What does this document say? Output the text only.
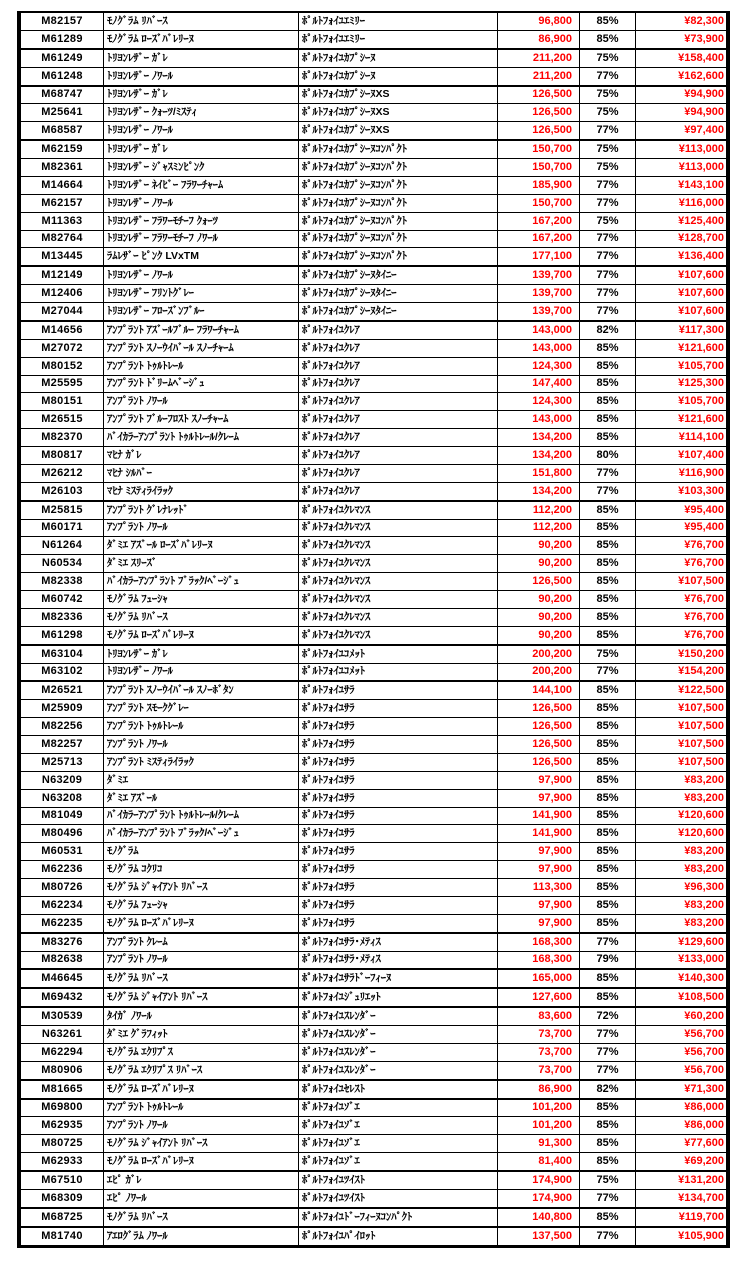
M82157	ﾓﾉｸﾞﾗﾑ ﾘﾊﾞｰｽ	ﾎﾟﾙﾄﾌｫｲﾕｴﾐﾘｰ	96,800	85%	¥82,300
M61289	ﾓﾉｸﾞﾗﾑ ﾛｰｽﾞﾊﾞﾚﾘｰﾇ	ﾎﾟﾙﾄﾌｫｲﾕｴﾐﾘｰ	86,900	85%	¥73,900
M61249	ﾄﾘﾖﾝﾚｻﾞｰ ｶﾞﾚ	ﾎﾟﾙﾄﾌｫｲﾕｶﾌﾟｼｰﾇ	211,200	75%	¥158,400
M61248	ﾄﾘﾖﾝﾚｻﾞｰ ﾉﾜｰﾙ	ﾎﾟﾙﾄﾌｫｲﾕｶﾌﾟｼｰﾇ	211,200	77%	¥162,600
M68747	ﾄﾘﾖﾝﾚｻﾞｰ ｶﾞﾚ	ﾎﾟﾙﾄﾌｫｲﾕｶﾌﾟｼｰﾇXS	126,500	75%	¥94,900
M25641	ﾄﾘﾖﾝﾚｻﾞｰ ｸｫｰﾂ/ﾐｽﾃｨ	ﾎﾟﾙﾄﾌｫｲﾕｶﾌﾟｼｰﾇXS	126,500	75%	¥94,900
M68587	ﾄﾘﾖﾝﾚｻﾞｰ ﾉﾜｰﾙ	ﾎﾟﾙﾄﾌｫｲﾕｶﾌﾟｼｰﾇXS	126,500	77%	¥97,400
M62159	ﾄﾘﾖﾝﾚｻﾞｰ ｶﾞﾚ	ﾎﾟﾙﾄﾌｫｲﾕｶﾌﾟｼｰﾇｺﾝﾊﾟｸﾄ	150,700	75%	¥113,000
M82361	ﾄﾘﾖﾝﾚｻﾞｰ ｼﾞｬｽﾐﾝﾋﾟﾝｸ	ﾎﾟﾙﾄﾌｫｲﾕｶﾌﾟｼｰﾇｺﾝﾊﾟｸﾄ	150,700	75%	¥113,000
M14664	ﾄﾘﾖﾝﾚｻﾞｰ ﾈｲﾋﾞｰ ﾌﾗﾜｰﾁｬｰﾑ	ﾎﾟﾙﾄﾌｫｲﾕｶﾌﾟｼｰﾇｺﾝﾊﾟｸﾄ	185,900	77%	¥143,100
M62157	ﾄﾘﾖﾝﾚｻﾞｰ ﾉﾜｰﾙ	ﾎﾟﾙﾄﾌｫｲﾕｶﾌﾟｼｰﾇｺﾝﾊﾟｸﾄ	150,700	77%	¥116,000
M11363	ﾄﾘﾖﾝﾚｻﾞｰ ﾌﾗﾜｰﾓﾁｰﾌ ｸｫｰﾂ	ﾎﾟﾙﾄﾌｫｲﾕｶﾌﾟｼｰﾇｺﾝﾊﾟｸﾄ	167,200	75%	¥125,400
M82764	ﾄﾘﾖﾝﾚｻﾞｰ ﾌﾗﾜｰﾓﾁｰﾌ ﾉﾜｰﾙ	ﾎﾟﾙﾄﾌｫｲﾕｶﾌﾟｼｰﾇｺﾝﾊﾟｸﾄ	167,200	77%	¥128,700
M13445	ﾗﾑﾚｻﾞｰ ﾋﾟﾝｸ LVxTM	ﾎﾟﾙﾄﾌｫｲﾕｶﾌﾟｼｰﾇｺﾝﾊﾟｸﾄ	177,100	77%	¥136,400
M12149	ﾄﾘﾖﾝﾚｻﾞｰ ﾉﾜｰﾙ	ﾎﾟﾙﾄﾌｫｲﾕｶﾌﾟｼｰﾇﾀｲﾆｰ	139,700	77%	¥107,600
M12406	ﾄﾘﾖﾝﾚｻﾞｰ ﾌﾘﾝﾄｸﾞﾚｰ	ﾎﾟﾙﾄﾌｫｲﾕｶﾌﾟｼｰﾇﾀｲﾆｰ	139,700	77%	¥107,600
M27044	ﾄﾘﾖﾝﾚｻﾞｰ ﾌﾛｰｽﾞﾝﾌﾞﾙｰ	ﾎﾟﾙﾄﾌｫｲﾕｶﾌﾟｼｰﾇﾀｲﾆｰ	139,700	77%	¥107,600
M14656	ｱﾝﾌﾟﾗﾝﾄ ｱｽﾞｰﾙﾌﾞﾙｰ ﾌﾗﾜｰﾁｬｰﾑ	ﾎﾟﾙﾄﾌｫｲﾕｸﾚｱ	143,000	82%	¥117,300
M27072	ｱﾝﾌﾟﾗﾝﾄ ｽﾉｰｳｲﾊﾞｰﾙ ｽﾉｰﾁｬｰﾑ	ﾎﾟﾙﾄﾌｫｲﾕｸﾚｱ	143,000	85%	¥121,600
M80152	ｱﾝﾌﾟﾗﾝﾄ ﾄｩﾙﾄﾚｰﾙ	ﾎﾟﾙﾄﾌｫｲﾕｸﾚｱ	124,300	85%	¥105,700
M25595	ｱﾝﾌﾟﾗﾝﾄ ﾄﾞﾘｰﾑﾍﾞｰｼﾞｭ	ﾎﾟﾙﾄﾌｫｲﾕｸﾚｱ	147,400	85%	¥125,300
M80151	ｱﾝﾌﾟﾗﾝﾄ ﾉﾜｰﾙ	ﾎﾟﾙﾄﾌｫｲﾕｸﾚｱ	124,300	85%	¥105,700
M26515	ｱﾝﾌﾟﾗﾝﾄ ﾌﾞﾙｰﾌﾛｽﾄ ｽﾉｰﾁｬｰﾑ	ﾎﾟﾙﾄﾌｫｲﾕｸﾚｱ	143,000	85%	¥121,600
M82370	ﾊﾞｲｶﾗｰｱﾝﾌﾟﾗﾝﾄ ﾄｩﾙﾄﾚｰﾙ/ｸﾚｰﾑ	ﾎﾟﾙﾄﾌｫｲﾕｸﾚｱ	134,200	85%	¥114,100
M80817	ﾏﾋﾅ ｶﾞﾚ	ﾎﾟﾙﾄﾌｫｲﾕｸﾚｱ	134,200	80%	¥107,400
M26212	ﾏﾋﾅ ｼﾙﾊﾞｰ	ﾎﾟﾙﾄﾌｫｲﾕｸﾚｱ	151,800	77%	¥116,900
M26103	ﾏﾋﾅ ﾐｽﾃｨﾗｲﾗｯｸ	ﾎﾟﾙﾄﾌｫｲﾕｸﾚｱ	134,200	77%	¥103,300
M25815	ｱﾝﾌﾟﾗﾝﾄ ｸﾞﾚﾅﾚｯﾄﾞ	ﾎﾟﾙﾄﾌｫｲﾕｸﾚﾏﾝｽ	112,200	85%	¥95,400
M60171	ｱﾝﾌﾟﾗﾝﾄ ﾉﾜｰﾙ	ﾎﾟﾙﾄﾌｫｲﾕｸﾚﾏﾝｽ	112,200	85%	¥95,400
N61264	ﾀﾞﾐｴ ｱｽﾞｰﾙ ﾛｰｽﾞﾊﾞﾚﾘｰﾇ	ﾎﾟﾙﾄﾌｫｲﾕｸﾚﾏﾝｽ	90,200	85%	¥76,700
N60534	ﾀﾞﾐｴ ｽﾘｰｽﾞ	ﾎﾟﾙﾄﾌｫｲﾕｸﾚﾏﾝｽ	90,200	85%	¥76,700
M82338	ﾊﾞｲｶﾗｰｱﾝﾌﾟﾗﾝﾄ ﾌﾞﾗｯｸ/ﾍﾞｰｼﾞｭ	ﾎﾟﾙﾄﾌｫｲﾕｸﾚﾏﾝｽ	126,500	85%	¥107,500
M60742	ﾓﾉｸﾞﾗﾑ ﾌｭｰｼｬ	ﾎﾟﾙﾄﾌｫｲﾕｸﾚﾏﾝｽ	90,200	85%	¥76,700
M82336	ﾓﾉｸﾞﾗﾑ ﾘﾊﾞｰｽ	ﾎﾟﾙﾄﾌｫｲﾕｸﾚﾏﾝｽ	90,200	85%	¥76,700
M61298	ﾓﾉｸﾞﾗﾑ ﾛｰｽﾞﾊﾞﾚﾘｰﾇ	ﾎﾟﾙﾄﾌｫｲﾕｸﾚﾏﾝｽ	90,200	85%	¥76,700
M63104	ﾄﾘﾖﾝﾚｻﾞｰ ｶﾞﾚ	ﾎﾟﾙﾄﾌｫｲﾕｺﾒｯﾄ	200,200	75%	¥150,200
M63102	ﾄﾘﾖﾝﾚｻﾞｰ ﾉﾜｰﾙ	ﾎﾟﾙﾄﾌｫｲﾕｺﾒｯﾄ	200,200	77%	¥154,200
M26521	ｱﾝﾌﾟﾗﾝﾄ ｽﾉｰｳｲﾊﾞｰﾙ ｽﾉｰﾎﾞﾀﾝ	ﾎﾟﾙﾄﾌｫｲﾕｻﾗ	144,100	85%	¥122,500
M25909	ｱﾝﾌﾟﾗﾝﾄ ｽﾓｰｸｸﾞﾚｰ	ﾎﾟﾙﾄﾌｫｲﾕｻﾗ	126,500	85%	¥107,500
M82256	ｱﾝﾌﾟﾗﾝﾄ ﾄｩﾙﾄﾚｰﾙ	ﾎﾟﾙﾄﾌｫｲﾕｻﾗ	126,500	85%	¥107,500
M82257	ｱﾝﾌﾟﾗﾝﾄ ﾉﾜｰﾙ	ﾎﾟﾙﾄﾌｫｲﾕｻﾗ	126,500	85%	¥107,500
M25713	ｱﾝﾌﾟﾗﾝﾄ ﾐｽﾃｨﾗｲﾗｯｸ	ﾎﾟﾙﾄﾌｫｲﾕｻﾗ	126,500	85%	¥107,500
N63209	ﾀﾞﾐｴ	ﾎﾟﾙﾄﾌｫｲﾕｻﾗ	97,900	85%	¥83,200
N63208	ﾀﾞﾐｴ ｱｽﾞｰﾙ	ﾎﾟﾙﾄﾌｫｲﾕｻﾗ	97,900	85%	¥83,200
M81049	ﾊﾞｲｶﾗｰｱﾝﾌﾟﾗﾝﾄ ﾄｩﾙﾄﾚｰﾙ/ｸﾚｰﾑ	ﾎﾟﾙﾄﾌｫｲﾕｻﾗ	141,900	85%	¥120,600
M80496	ﾊﾞｲｶﾗｰｱﾝﾌﾟﾗﾝﾄ ﾌﾞﾗｯｸ/ﾍﾞｰｼﾞｭ	ﾎﾟﾙﾄﾌｫｲﾕｻﾗ	141,900	85%	¥120,600
M60531	ﾓﾉｸﾞﾗﾑ	ﾎﾟﾙﾄﾌｫｲﾕｻﾗ	97,900	85%	¥83,200
M62236	ﾓﾉｸﾞﾗﾑ ｺｸﾘｺ	ﾎﾟﾙﾄﾌｫｲﾕｻﾗ	97,900	85%	¥83,200
M80726	ﾓﾉｸﾞﾗﾑ ｼﾞｬｲｱﾝﾄ ﾘﾊﾞｰｽ	ﾎﾟﾙﾄﾌｫｲﾕｻﾗ	113,300	85%	¥96,300
M62234	ﾓﾉｸﾞﾗﾑ ﾌｭｰｼｬ	ﾎﾟﾙﾄﾌｫｲﾕｻﾗ	97,900	85%	¥83,200
M62235	ﾓﾉｸﾞﾗﾑ ﾛｰｽﾞﾊﾞﾚﾘｰﾇ	ﾎﾟﾙﾄﾌｫｲﾕｻﾗ	97,900	85%	¥83,200
M83276	ｱﾝﾌﾟﾗﾝﾄ ｸﾚｰﾑ	ﾎﾟﾙﾄﾌｫｲﾕｻﾗ･ﾒﾃｨｽ	168,300	77%	¥129,600
M82638	ｱﾝﾌﾟﾗﾝﾄ ﾉﾜｰﾙ	ﾎﾟﾙﾄﾌｫｲﾕｻﾗ･ﾒﾃｨｽ	168,300	79%	¥133,000
M46645	ﾓﾉｸﾞﾗﾑ ﾘﾊﾞｰｽ	ﾎﾟﾙﾄﾌｫｲﾕｻﾗﾄﾞｰﾌｨｰﾇ	165,000	85%	¥140,300
M69432	ﾓﾉｸﾞﾗﾑ ｼﾞｬｲｱﾝﾄ ﾘﾊﾞｰｽ	ﾎﾟﾙﾄﾌｫｲﾕｼﾞｭﾘｴｯﾄ	127,600	85%	¥108,500
M30539	ﾀｲｶﾞ ﾉﾜｰﾙ	ﾎﾟﾙﾄﾌｫｲﾕｽﾚﾝﾀﾞｰ	83,600	72%	¥60,200
N63261	ﾀﾞﾐｴ ｸﾞﾗﾌｨｯﾄ	ﾎﾟﾙﾄﾌｫｲﾕｽﾚﾝﾀﾞｰ	73,700	77%	¥56,700
M62294	ﾓﾉｸﾞﾗﾑ ｴｸﾘﾌﾟｽ	ﾎﾟﾙﾄﾌｫｲﾕｽﾚﾝﾀﾞｰ	73,700	77%	¥56,700
M80906	ﾓﾉｸﾞﾗﾑ ｴｸﾘﾌﾟｽ ﾘﾊﾞｰｽ	ﾎﾟﾙﾄﾌｫｲﾕｽﾚﾝﾀﾞｰ	73,700	77%	¥56,700
M81665	ﾓﾉｸﾞﾗﾑ ﾛｰｽﾞﾊﾞﾚﾘｰﾇ	ﾎﾟﾙﾄﾌｫｲﾕｾﾚｽﾄ	86,900	82%	¥71,300
M69800	ｱﾝﾌﾟﾗﾝﾄ ﾄｩﾙﾄﾚｰﾙ	ﾎﾟﾙﾄﾌｫｲﾕｿﾞｴ	101,200	85%	¥86,000
M62935	ｱﾝﾌﾟﾗﾝﾄ ﾉﾜｰﾙ	ﾎﾟﾙﾄﾌｫｲﾕｿﾞｴ	101,200	85%	¥86,000
M80725	ﾓﾉｸﾞﾗﾑ ｼﾞｬｲｱﾝﾄ ﾘﾊﾞｰｽ	ﾎﾟﾙﾄﾌｫｲﾕｿﾞｴ	91,300	85%	¥77,600
M62933	ﾓﾉｸﾞﾗﾑ ﾛｰｽﾞﾊﾞﾚﾘｰﾇ	ﾎﾟﾙﾄﾌｫｲﾕｿﾞｴ	81,400	85%	¥69,200
M67510	ｴﾋﾟ ｶﾞﾚ	ﾎﾟﾙﾄﾌｫｲﾕﾂｲｽﾄ	174,900	75%	¥131,200
M68309	ｴﾋﾟ ﾉﾜｰﾙ	ﾎﾟﾙﾄﾌｫｲﾕﾂｲｽﾄ	174,900	77%	¥134,700
M68725	ﾓﾉｸﾞﾗﾑ ﾘﾊﾞｰｽ	ﾎﾟﾙﾄﾌｫｲﾕﾄﾞｰﾌｨｰﾇｺﾝﾊﾟｸﾄ	140,800	85%	¥119,700
M81740	ｱｴﾛｸﾞﾗﾑ ﾉﾜｰﾙ	ﾎﾟﾙﾄﾌｫｲﾕﾊﾟｲﾛｯﾄ	137,500	77%	¥105,900
